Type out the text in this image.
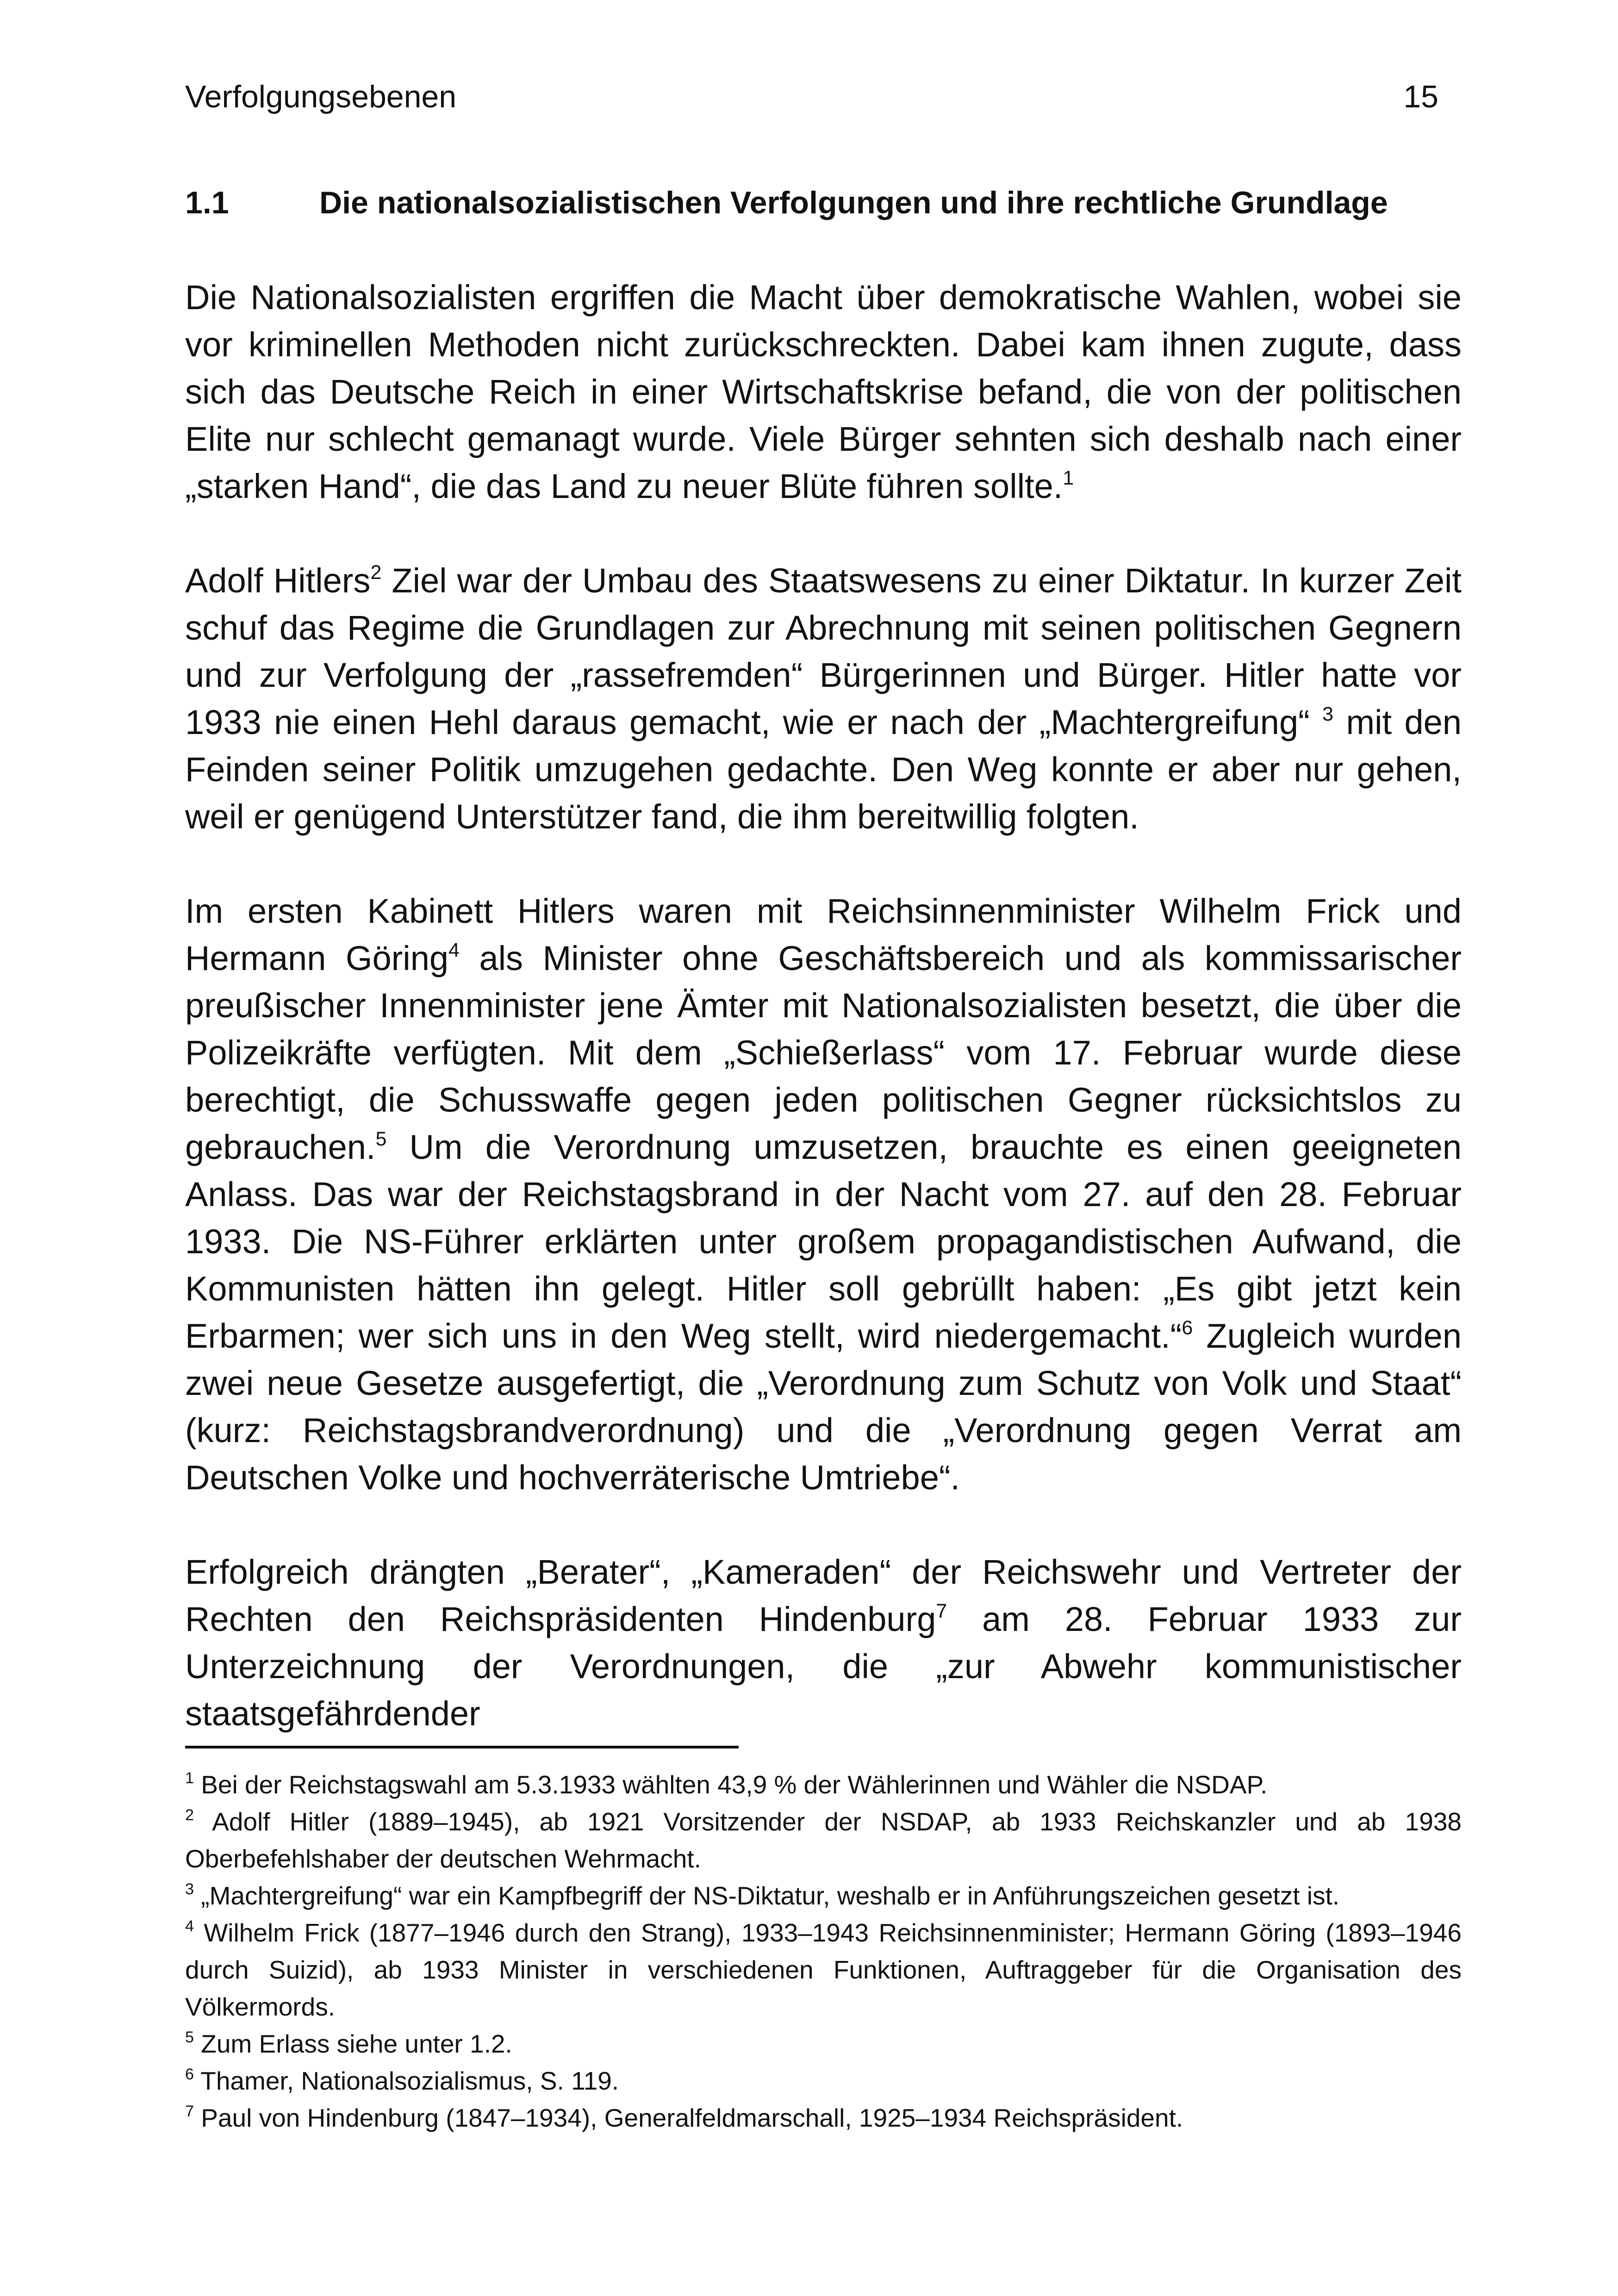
Verfolgungsebenen	15
1.1	Die nationalsozialistischen Verfolgungen und ihre rechtliche Grundlage

Die Nationalsozialisten ergriffen die Macht über demokratische Wahlen, wobei sie vor kriminellen Methoden nicht zurückschreckten. Dabei kam ihnen zugute, dass sich das Deutsche Reich in einer Wirtschaftskrise befand, die von der politischen Elite nur schlecht gemanagt wurde. Viele Bürger sehnten sich deshalb nach einer „starken Hand“, die das Land zu neuer Blüte führen sollte.$^1$

Adolf Hitlers$^2$ Ziel war der Umbau des Staatswesens zu einer Diktatur. In kurzer Zeit schuf das Regime die Grundlagen zur Abrechnung mit seinen politischen Gegnern und zur Verfolgung der „rassefremden“ Bürgerinnen und Bürger. Hitler hatte vor 1933 nie einen Hehl daraus gemacht, wie er nach der „Machtergreifung“ $^3$ mit den Feinden seiner Politik umzugehen gedachte. Den Weg konnte er aber nur gehen, weil er genügend Unterstützer fand, die ihm bereitwillig folgten.

Im ersten Kabinett Hitlers waren mit Reichsinnenminister Wilhelm Frick und Hermann Göring$^4$ als Minister ohne Geschäftsbereich und als kommissarischer preußischer Innenminister jene Ämter mit Nationalsozialisten besetzt, die über die Polizeikräfte verfügten. Mit dem „Schießerlass“ vom 17. Februar wurde diese berechtigt, die Schusswaffe gegen jeden politischen Gegner rücksichtslos zu gebrauchen.$^5$ Um die Verordnung umzusetzen, brauchte es einen geeigneten Anlass. Das war der Reichstagsbrand in der Nacht vom 27. auf den 28. Februar 1933. Die NS-Führer erklärten unter großem propagandistischen Aufwand, die Kommunisten hätten ihn gelegt. Hitler soll gebrüllt haben: „Es gibt jetzt kein Erbarmen; wer sich uns in den Weg stellt, wird niedergemacht.“$^6$ Zugleich wurden zwei neue Gesetze ausgefertigt, die „Verordnung zum Schutz von Volk und Staat“ (kurz: Reichstagsbrandverordnung) und die „Verordnung gegen Verrat am Deutschen Volke und hochverräterische Umtriebe“.

Erfolgreich drängten „Berater“, „Kameraden“ der Reichswehr und Vertreter der Rechten den Reichspräsidenten Hindenburg$^7$ am 28. Februar 1933 zur Unterzeichnung der Verordnungen, die „zur Abwehr kommunistischer staatsgefährdender

$^1$ Bei der Reichstagswahl am 5.3.1933 wählten 43,9 % der Wählerinnen und Wähler die NSDAP.

$^2$ Adolf Hitler (1889–1945), ab 1921 Vorsitzender der NSDAP, ab 1933 Reichskanzler und ab 1938 Oberbefehlshaber der deutschen Wehrmacht.

$^3$ „Machtergreifung“ war ein Kampfbegriff der NS-Diktatur, weshalb er in Anführungszeichen gesetzt ist.

$^4$ Wilhelm Frick (1877–1946 durch den Strang), 1933–1943 Reichsinnenminister; Hermann Göring (1893–1946 durch Suizid), ab 1933 Minister in verschiedenen Funktionen, Auftraggeber für die Organisation des Völkermords.

$^5$ Zum Erlass siehe unter 1.2.

$^6$ Thamer, Nationalsozialismus, S. 119.

$^7$ Paul von Hindenburg (1847–1934), Generalfeldmarschall, 1925–1934 Reichspräsident.
